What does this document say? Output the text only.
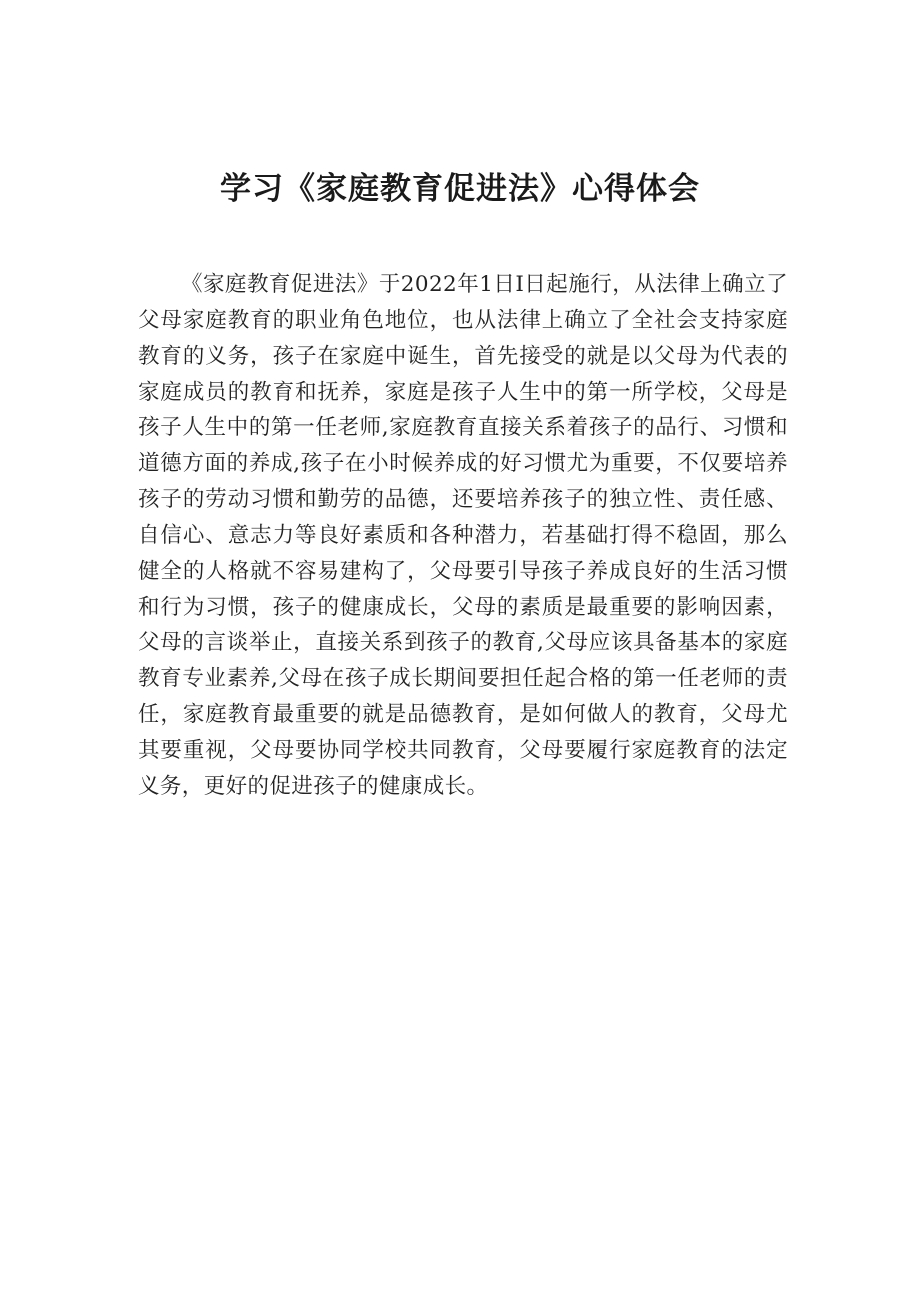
学习《家庭教育促进法》心得体会

《家庭教育促进法》于2022年1日I日起施行，从法律上确立了父母家庭教育的职业角色地位，也从法律上确立了全社会支持家庭教育的义务，孩子在家庭中诞生，首先接受的就是以父母为代表的家庭成员的教育和抚养，家庭是孩子人生中的第一所学校，父母是孩子人生中的第一任老师,家庭教育直接关系着孩子的品行、习惯和道德方面的养成,孩子在小时候养成的好习惯尤为重要，不仅要培养孩子的劳动习惯和勤劳的品德，还要培养孩子的独立性、责任感、自信心、意志力等良好素质和各种潜力，若基础打得不稳固，那么健全的人格就不容易建构了，父母要引导孩子养成良好的生活习惯和行为习惯，孩子的健康成长，父母的素质是最重要的影响因素，父母的言谈举止，直接关系到孩子的教育,父母应该具备基本的家庭教育专业素养,父母在孩子成长期间要担任起合格的第一任老师的责任，家庭教育最重要的就是品德教育，是如何做人的教育，父母尤其要重视，父母要协同学校共同教育，父母要履行家庭教育的法定义务，更好的促进孩子的健康成长。
